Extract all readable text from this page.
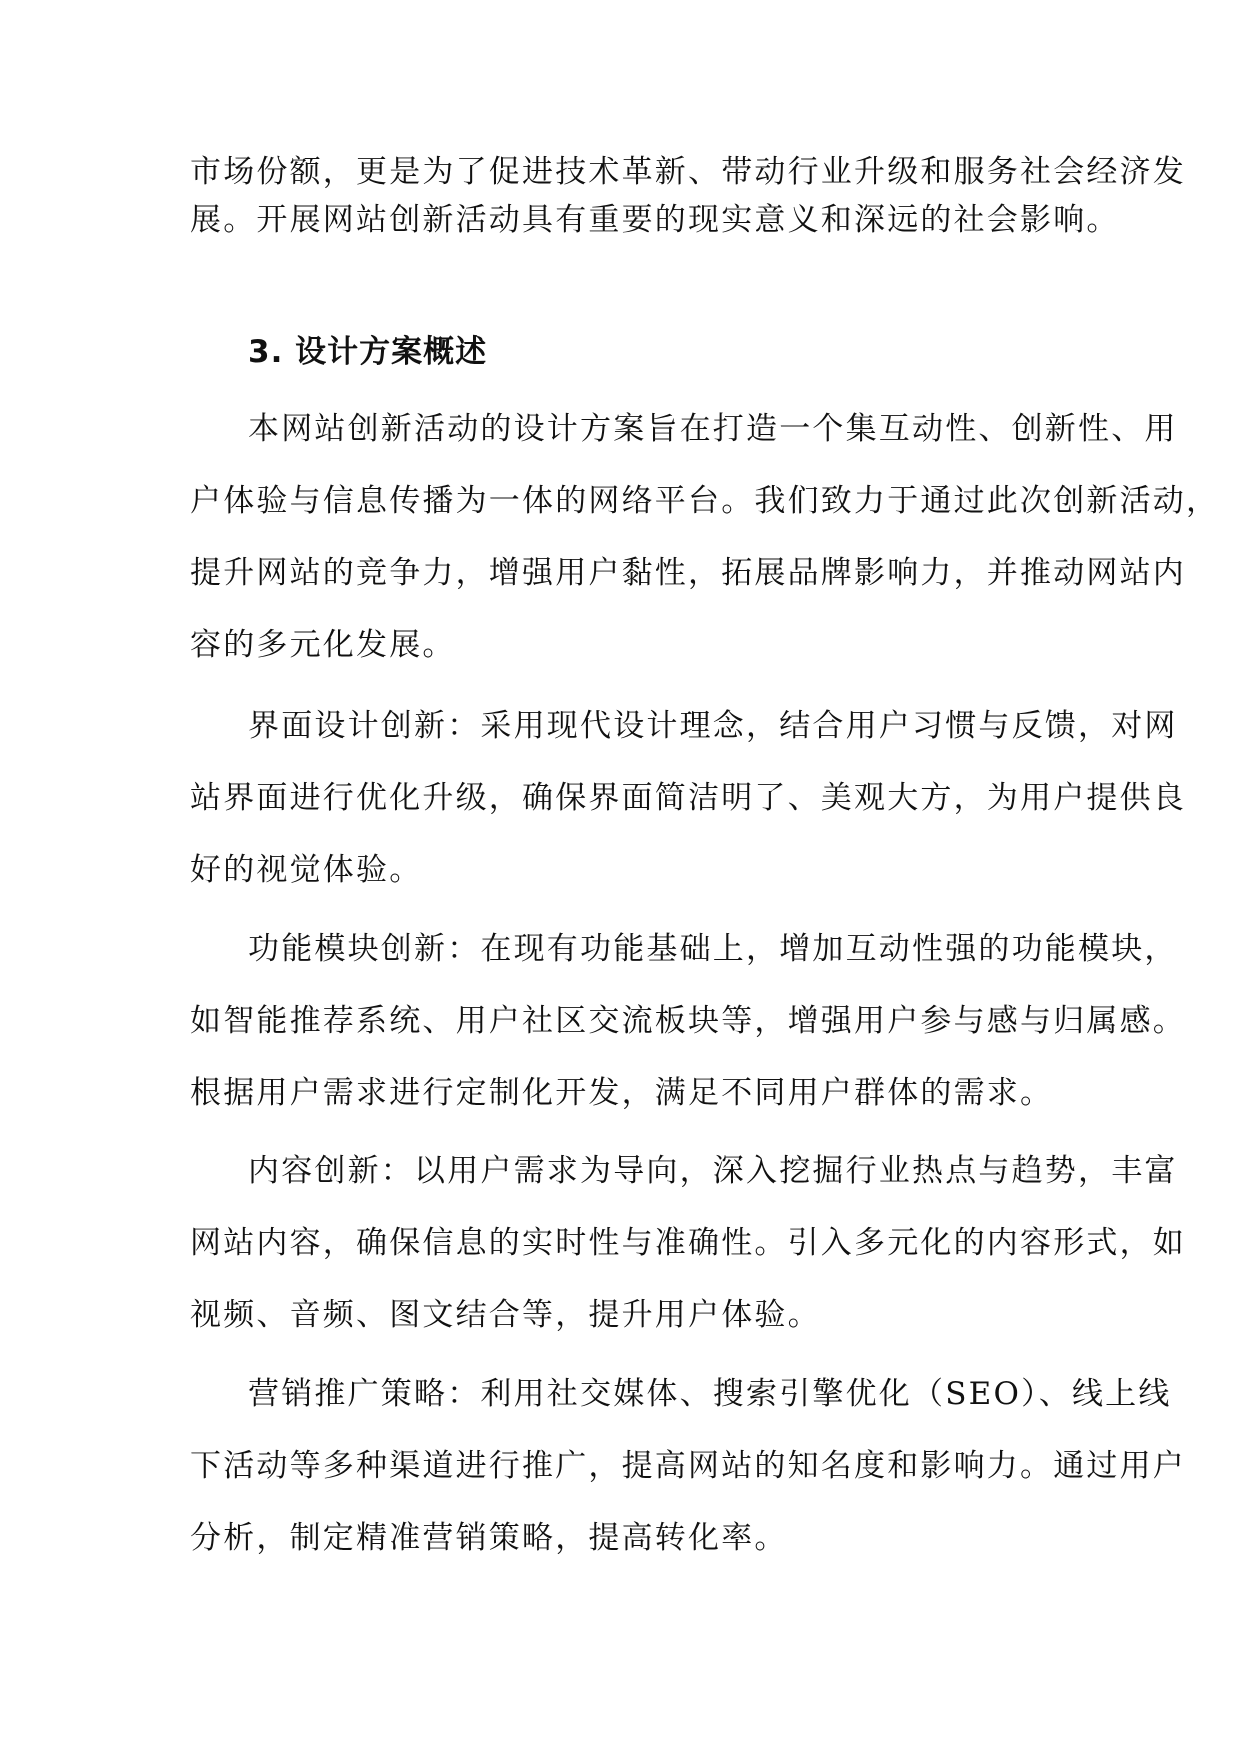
市场份额，更是为了促进技术革新、带动行业升级和服务社会经济发
展。开展网站创新活动具有重要的现实意义和深远的社会影响。
3. 设计方案概述
本网站创新活动的设计方案旨在打造一个集互动性、创新性、用
户体验与信息传播为一体的网络平台。我们致力于通过此次创新活动，
提升网站的竞争力，增强用户黏性，拓展品牌影响力，并推动网站内
容的多元化发展。
界面设计创新：采用现代设计理念，结合用户习惯与反馈，对网
站界面进行优化升级，确保界面简洁明了、美观大方，为用户提供良
好的视觉体验。
功能模块创新：在现有功能基础上，增加互动性强的功能模块，
如智能推荐系统、用户社区交流板块等，增强用户参与感与归属感。
根据用户需求进行定制化开发，满足不同用户群体的需求。
内容创新：以用户需求为导向，深入挖掘行业热点与趋势，丰富
网站内容，确保信息的实时性与准确性。引入多元化的内容形式，如
视频、音频、图文结合等，提升用户体验。
营销推广策略：利用社交媒体、搜索引擎优化（SEO）、线上线
下活动等多种渠道进行推广，提高网站的知名度和影响力。通过用户
分析，制定精准营销策略，提高转化率。
